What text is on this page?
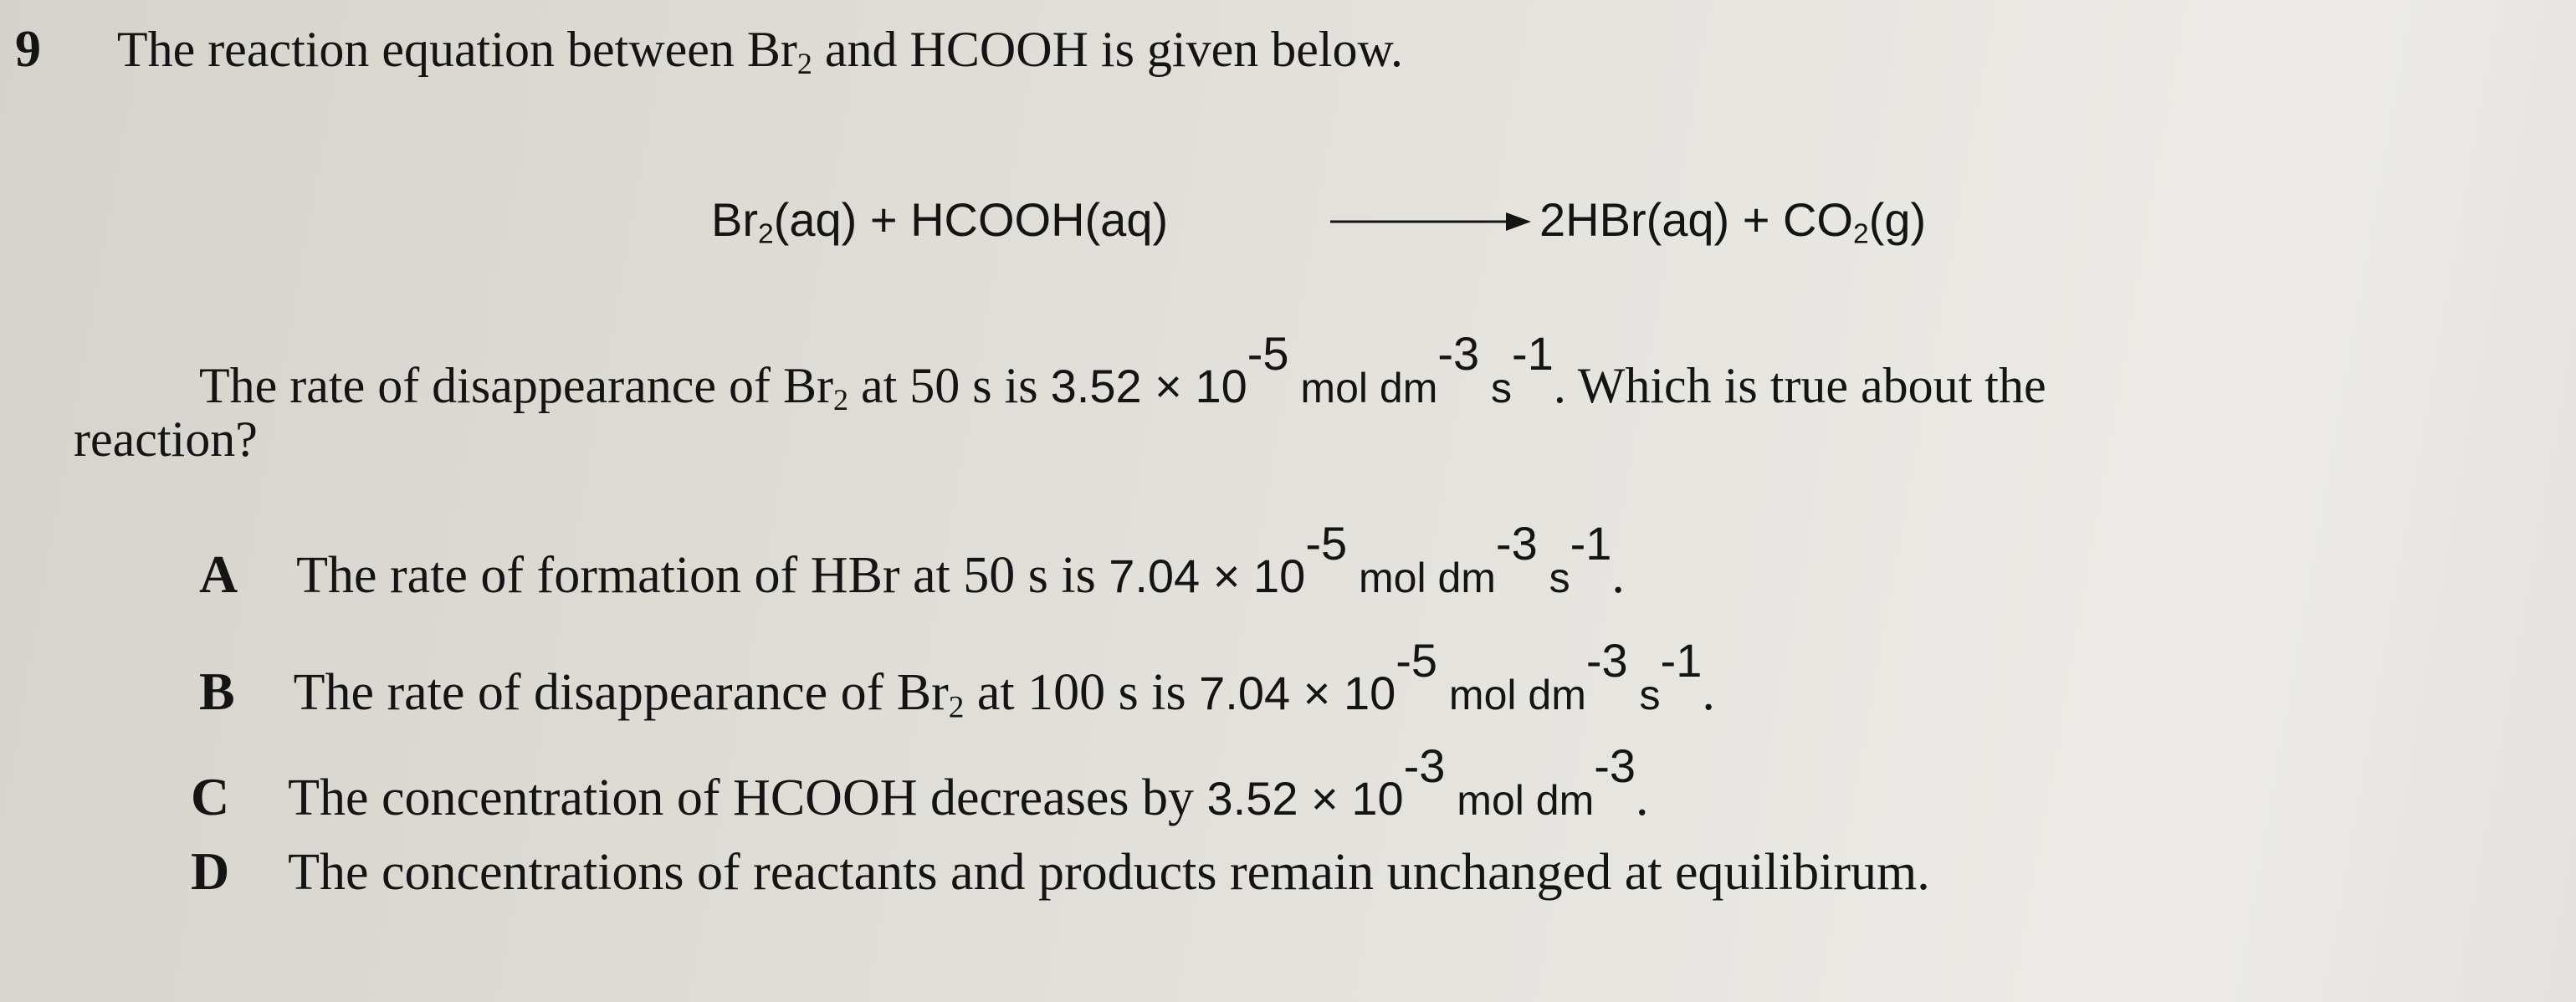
9 The reaction equation between $Br_2$ and HCOOH is given below.
$Br_2(aq)$ + HCOOH(aq)	$2HBr(aq) + CO_2(g)$
The rate of disappearance of $Br_2$ at 50 s is $3.52 \times 10^{-5}$ mol $dm^{-3}$ $s^{-1}$. Which is true about the
reaction?
A The rate of formation of HBr at 50 s is $7.04 \times 10^{-5}$ mol $dm^{-3}$ $s^{-1}$.
B The rate of disappearance of $Br_2$ at 100 s is $7.04 \times 10^{-5}$ mol $dm^{-3}$ $s^{-1}$.
C The concentration of HCOOH decreases by $3.52 \times 10^{-3}$ mol $dm^{-3}$.
D The concentrations of reactants and products remain unchanged at equilibirum.
